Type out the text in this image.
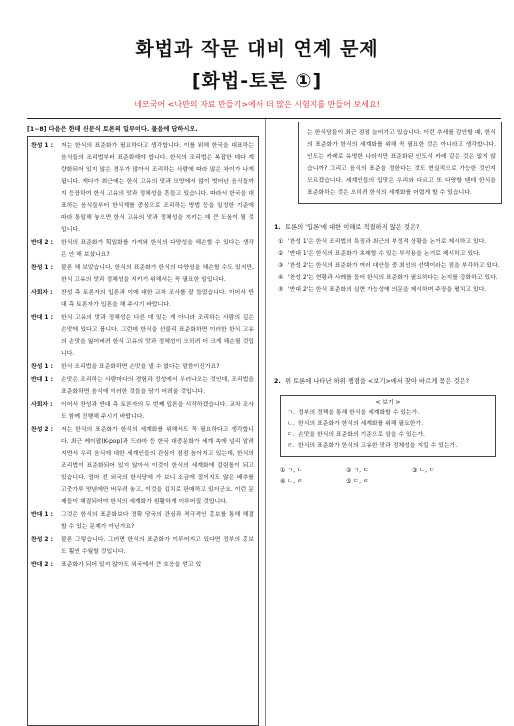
화법과 작문 대비 연계 문제
[화법-토론 ①]
네모국어 <나만의 자료 만들기>에서 더 많은 시험지를 만들어 보세요!
[1~8] 다음은 한데 신문식 토론의 일부이다. 물음에 답하시오.
찬성 1 :	저는 한식의 표준화가 필요하다고 생각합니다. 이를 위해 한국을 대표하는 음식들의 조리법부터 표준화해야 합니다. 한식의 조리법은 복잡한 데다 계량화되어 있지 않은 경우가 많아서 조리하는 사람에 따라 많은 차이가 나게 됩니다. 게다가 최근에는 한식 고유의 맛과 모양에서 많이 벗어난 음식들까지 등장하여 한식 고유의 맛과 정체성을 흔들고 있습니다. 따라서 한국을 대표하는 음식들부터 한식계를 중심으로 조리하는 방법 등을 일정한 기준에 따라 통일해 놓으면 한식 고유의 맛과 정체성을 지키는 데 큰 도움이 될 것입니다.
반대 2 :	한식의 표준화가 획일화를 가져와 한식의 다양성을 해손할 수 있다는 생각은 안 해 보셨나요?
찬성 1 :	물론 해 보았습니다. 한식의 표준화가 한식의 다양성을 해손할 수도 있지만, 한식 고유의 맛과 정체성을 지키기 위해서는 꼭 필요한 일입니다.
사회자 :	찬성 측 토론자의 입론과 이에 대한 교차 조사를 잘 들었습니다. 이어서 반대 측 토론자가 입론을 해 주시기 바랍니다.
반대 1 :	한식 고유의 맛과 정체성은 다른 데 있는 게 아니라 조리하는 사람의 깊은 손맛에 있다고 봅니다. 그런데 한식을 선불리 표준화하면 이러한 한식 고유의 손맛을 잃어버려 한식 고유의 맛과 정체성이 오히려 더 크게 해손될 것입니다.
찬성 1 :	한식 조리법을 표준화하면 손맛을 낼 수 없다는 말씀이신가요?
반대 1 :	손맛은 조리하는 사람마다의 경험과 정성에서 우러나오는 것인데, 조리법을 표준화하면 음식에 이러한 것들을 담기 어려울 것입니다.
사회자 :	이어서 찬성과 반대 측 토론자의 두 번째 입론을 시작하겠습니다. 교차 조사도 함께 진행해 주시기 바랍니다.
찬성 2 :	저는 한식의 표준화가 한식의 세계화를 위해서도 꼭 필요하다고 생각합니다. 최근 케이팝(K-pop)과 드라마 등 한국 대중문화가 세계 속에 널리 알려지면서 우리 음식에 대한 세계인들의 관심이 점점 높아지고 있는데, 한식의 조리법이 표준화되어 있지 않아서 이것이 한식의 세계화에 걸림돌이 되고 있습니다. 얼마 전 외국의 한식당에 가 보니 소금에 절이지도 않은 배추를 고춧가루 양념에만 버무려 놓고, 이것을 김치로 판매하고 있더군요. 이런 문제들이 해결되어야 한식의 세계화가 원활하게 이루어질 것입니다.
반대 1 :	그것은 한식의 표준화보다 정확 당국의 관심과 적극적인 홍보를 통해 해결할 수 있는 문제가 아닌가요?
찬성 2 :	물론 그렇습니다. 그러면 한식의 표준화가 이루어지고 있다면 정부의 홍보도 훨씬 수월할 것입니다.
반대 2 :	표준화가 되어 있지 않아도 외국에서 큰 호응을 얻고 있
는 한식당들이 최근 점점 늘어가고 있습니다. 이런 추세를 감안할 때, 한식의 표준화가 한식의 세계화를 위해 꼭 필요한 것은 아니라고 생각합니다. 인도는 카레로 유명한 나라지만 표준화된 인도식 카레 같은 것은 없지 않습니까? 그리고 음식의 표준을 정한다는 것도 현실적으로 가능한 것인지 모르겠습니다. 세계인들의 입맛은 우리와 다르고 또 다양할 텐데 한식을 표준화하는 것은 오히려 한식의 세계화를 어렵게 할 수 있습니다.
1. 토론의 '입론'에 대한 이해로 적절하지 않은 것은?
① '찬성 1'은 한식 조리법의 특징과 최근의 부정적 상황을 논거로 제시하고 있다.
② '반대 1'은 한식의 표준화가 초래할 수 있는 부작용을 논거로 제시하고 있다.
③ '찬성 2'는 한식의 표준화가 여러 대안들 중 최선의 선택이라는 점을 부각하고 있다.
④ '찬성 2'는 현황과 사례를 들어 한식의 표준화가 필요하다는 논지를 강화하고 있다.
⑤ '반대 2'는 한식 표준화의 실현 가능성에 의문을 제시하며 주장을 펼치고 있다.
2. 위 토론에 나타난 하위 쟁점을 <보기>에서 찾아 바르게 묶은 것은?
< 보기 >
ㄱ. 정부의 정책을 통해 한식을 세계화할 수 있는가.
ㄴ. 한식의 표준화가 한식의 세계화를 위해 필요한가.
ㄷ. 손맛을 한식의 표준화의 기준으로 삼을 수 있는가.
ㄹ. 한식의 표준화가 한식의 고유한 맛과 정체성을 지킬 수 있는가.
① ㄱ, ㄴ	② ㄱ, ㄷ	③ ㄴ, ㄷ
④ ㄴ, ㄹ	⑤ ㄷ, ㄹ
